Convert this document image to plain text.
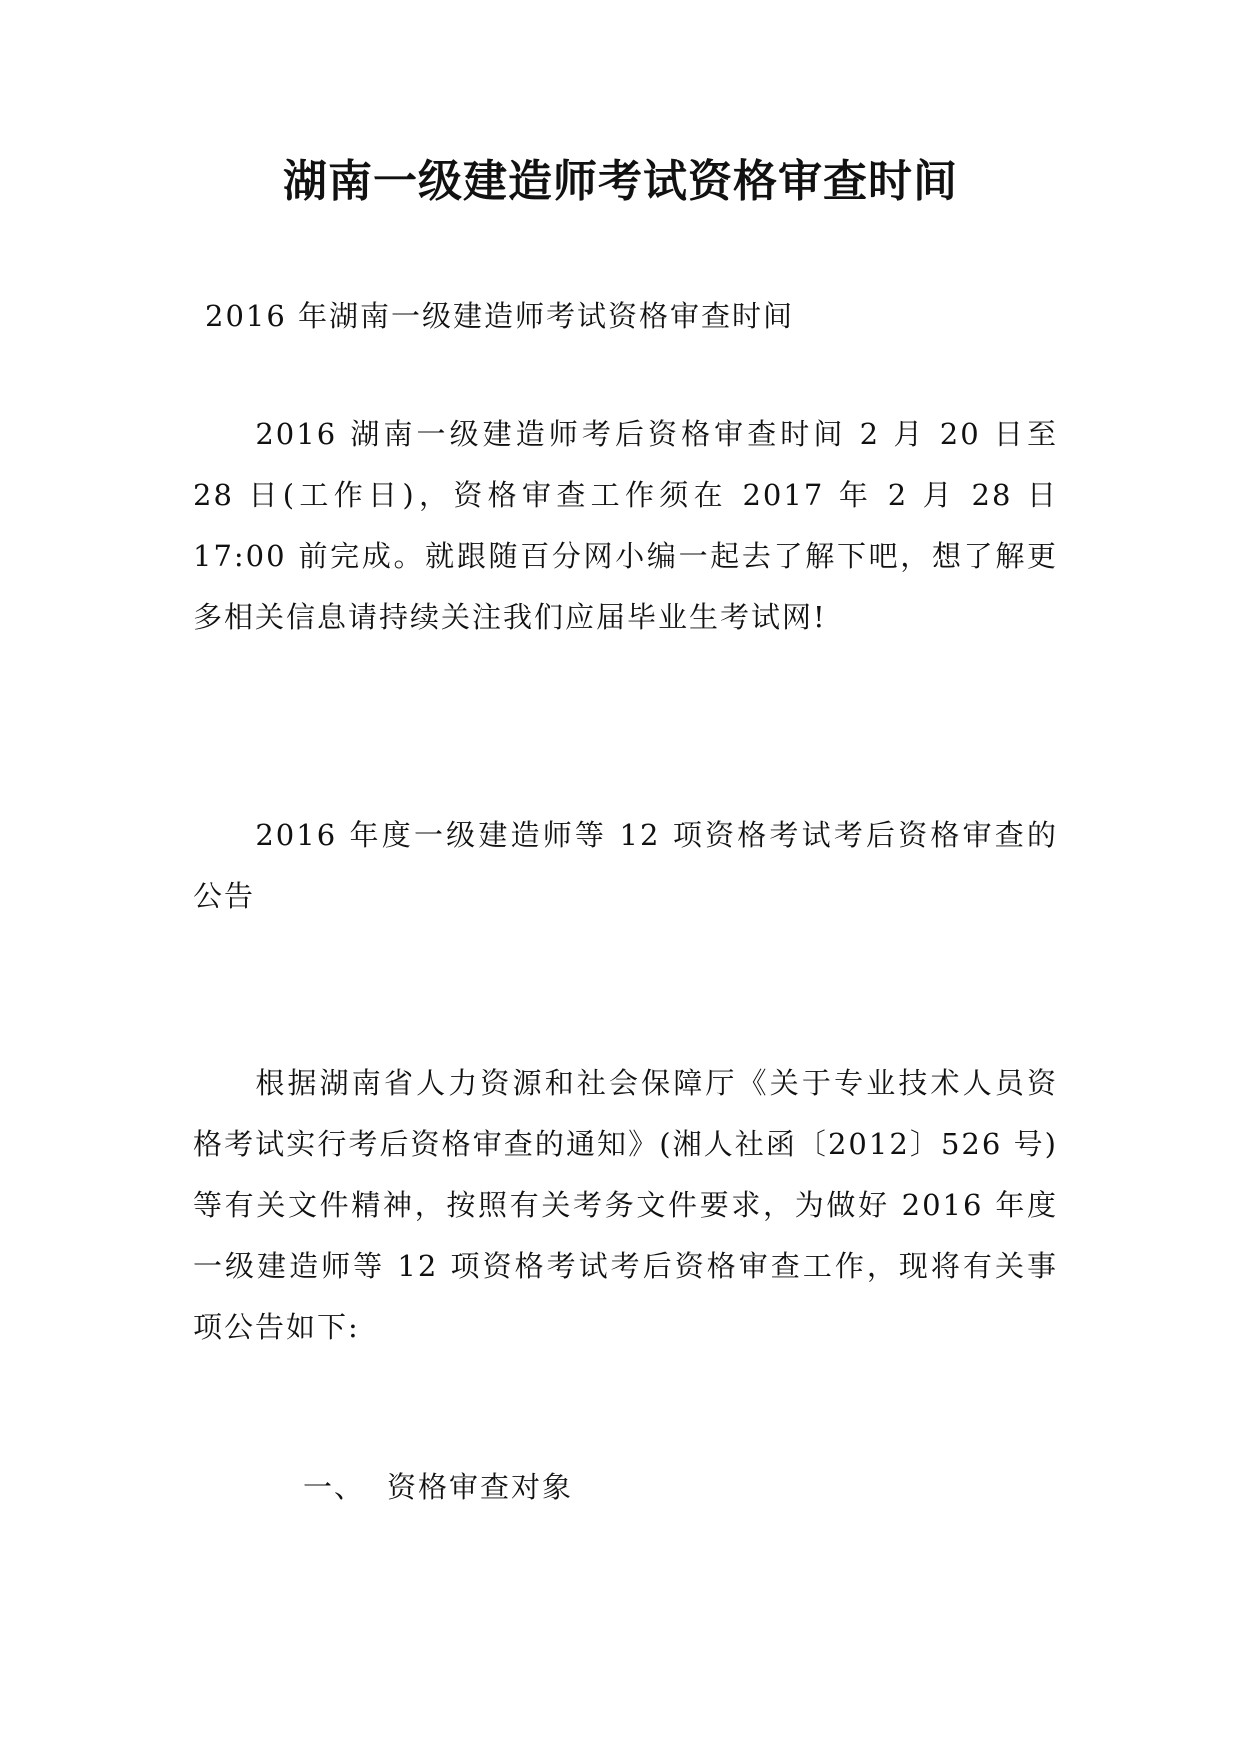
湖南一级建造师考试资格审查时间

2016 年湖南一级建造师考试资格审查时间

2016 湖南一级建造师考后资格审查时间 2 月 20 日至 28 日(工作日)，资格审查工作须在 2017 年 2 月 28 日 17:00 前完成。就跟随百分网小编一起去了解下吧，想了解更多相关信息请持续关注我们应届毕业生考试网!

2016 年度一级建造师等 12 项资格考试考后资格审查的公告

根据湖南省人力资源和社会保障厅《关于专业技术人员资格考试实行考后资格审查的通知》(湘人社函〔2012〕526 号)等有关文件精神，按照有关考务文件要求，为做好 2016 年度一级建造师等 12 项资格考试考后资格审查工作，现将有关事项公告如下:

一、 资格审查对象
